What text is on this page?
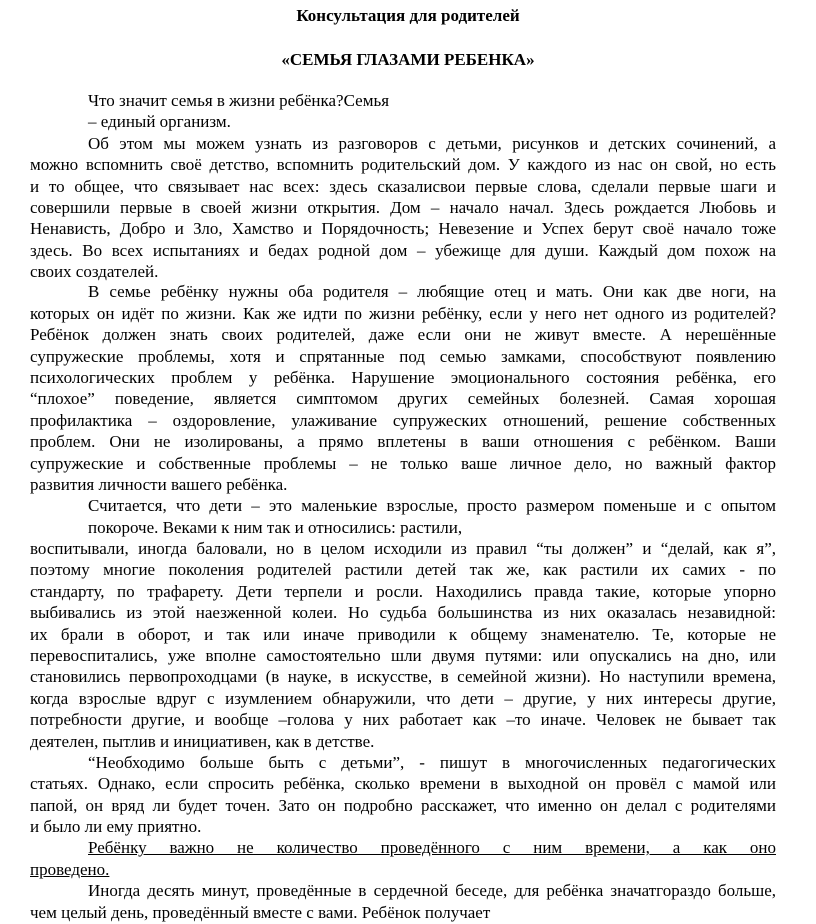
Консультация для родителей
«СЕМЬЯ ГЛАЗАМИ РЕБЕНКА»
Что значит семья в жизни ребёнка?Семья
– единый организм.
Об этом мы можем узнать из разговоров с детьми, рисунков и детских сочинений, а
можно вспомнить своё детство, вспомнить родительский дом. У каждого из нас он свой, но есть
и то общее, что связывает нас всех: здесь сказалисвои первые слова, сделали первые шаги и
совершили первые в своей жизни открытия. Дом – начало начал. Здесь рождается Любовь и
Ненависть, Добро и Зло, Хамство и Порядочность; Невезение и Успех берут своё начало тоже
здесь. Во всех испытаниях и бедах родной дом – убежище для души. Каждый дом похож на
своих создателей.
В семье ребёнку нужны оба родителя – любящие отец и мать. Они как две ноги, на
которых он идёт по жизни. Как же идти по жизни ребёнку, если у него нет одного из родителей?
Ребёнок должен знать своих родителей, даже если они не живут вместе. А нерешённые
супружеские проблемы, хотя и спрятанные под семью замками, способствуют появлению
психологических проблем у ребёнка. Нарушение эмоционального состояния ребёнка, его
“плохое” поведение, является симптомом других семейных болезней. Самая хорошая
профилактика – оздоровление, улаживание супружеских отношений, решение собственных
проблем. Они не изолированы, а прямо вплетены в ваши отношения с ребёнком. Ваши
супружеские и собственные проблемы – не только ваше личное дело, но важный фактор
развития личности вашего ребёнка.
Считается, что дети – это маленькие взрослые, просто размером поменьше и с опытом
покороче. Веками к ним так и относились: растили,
воспитывали, иногда баловали, но в целом исходили из правил “ты должен” и “делай, как я”,
поэтому многие поколения родителей растили детей так же, как растили их самих - по
стандарту, по трафарету. Дети терпели и росли. Находились правда такие, которые упорно
выбивались из этой наезженной колеи. Но судьба большинства из них оказалась незавидной:
их брали в оборот, и так или иначе приводили к общему знаменателю. Те, которые не
перевоспитались, уже вполне самостоятельно шли двумя путями: или опускались на дно, или
становились первопроходцами (в науке, в искусстве, в семейной жизни). Но наступили времена,
когда взрослые вдруг с изумлением обнаружили, что дети – другие, у них интересы другие,
потребности другие, и вообще –голова у них работает как –то иначе. Человек не бывает так
деятелен, пытлив и инициативен, как в детстве.
“Необходимо больше быть с детьми”, - пишут в многочисленных педагогических
статьях. Однако, если спросить ребёнка, сколько времени в выходной он провёл с мамой или
папой, он вряд ли будет точен. Зато он подробно расскажет, что именно он делал с родителями
и было ли ему приятно.
Ребёнку важно не количество проведённого с ним времени, а как оно
проведено.
Иногда десять минут, проведённые в сердечной беседе, для ребёнка значатгораздо больше,
чем целый день, проведённый вместе с вами. Ребёнок получает
